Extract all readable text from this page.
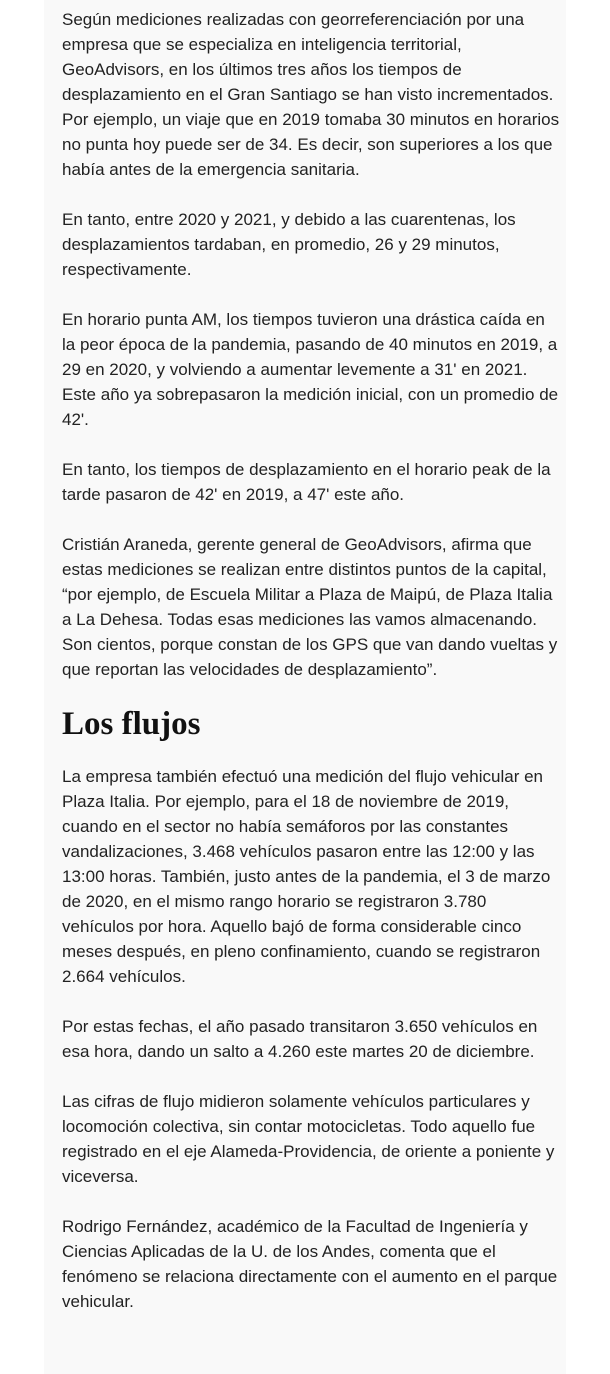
Según mediciones realizadas con georreferenciación por una empresa que se especializa en inteligencia territorial, GeoAdvisors, en los últimos tres años los tiempos de desplazamiento en el Gran Santiago se han visto incrementados. Por ejemplo, un viaje que en 2019 tomaba 30 minutos en horarios no punta hoy puede ser de 34. Es decir, son superiores a los que había antes de la emergencia sanitaria.

En tanto, entre 2020 y 2021, y debido a las cuarentenas, los desplazamientos tardaban, en promedio, 26 y 29 minutos, respectivamente.

En horario punta AM, los tiempos tuvieron una drástica caída en la peor época de la pandemia, pasando de 40 minutos en 2019, a 29 en 2020, y volviendo a aumentar levemente a 31' en 2021. Este año ya sobrepasaron la medición inicial, con un promedio de 42'.

En tanto, los tiempos de desplazamiento en el horario peak de la tarde pasaron de 42' en 2019, a 47' este año.

Cristián Araneda, gerente general de GeoAdvisors, afirma que estas mediciones se realizan entre distintos puntos de la capital, “por ejemplo, de Escuela Militar a Plaza de Maipú, de Plaza Italia a La Dehesa. Todas esas mediciones las vamos almacenando. Son cientos, porque constan de los GPS que van dando vueltas y que reportan las velocidades de desplazamiento”.

Los flujos

La empresa también efectuó una medición del flujo vehicular en Plaza Italia. Por ejemplo, para el 18 de noviembre de 2019, cuando en el sector no había semáforos por las constantes vandalizaciones, 3.468 vehículos pasaron entre las 12:00 y las 13:00 horas. También, justo antes de la pandemia, el 3 de marzo de 2020, en el mismo rango horario se registraron 3.780 vehículos por hora. Aquello bajó de forma considerable cinco meses después, en pleno confinamiento, cuando se registraron 2.664 vehículos.

Por estas fechas, el año pasado transitaron 3.650 vehículos en esa hora, dando un salto a 4.260 este martes 20 de diciembre.

Las cifras de flujo midieron solamente vehículos particulares y locomoción colectiva, sin contar motocicletas. Todo aquello fue registrado en el eje Alameda-Providencia, de oriente a poniente y viceversa.

Rodrigo Fernández, académico de la Facultad de Ingeniería y Ciencias Aplicadas de la U. de los Andes, comenta que el fenómeno se relaciona directamente con el aumento en el parque vehicular.
